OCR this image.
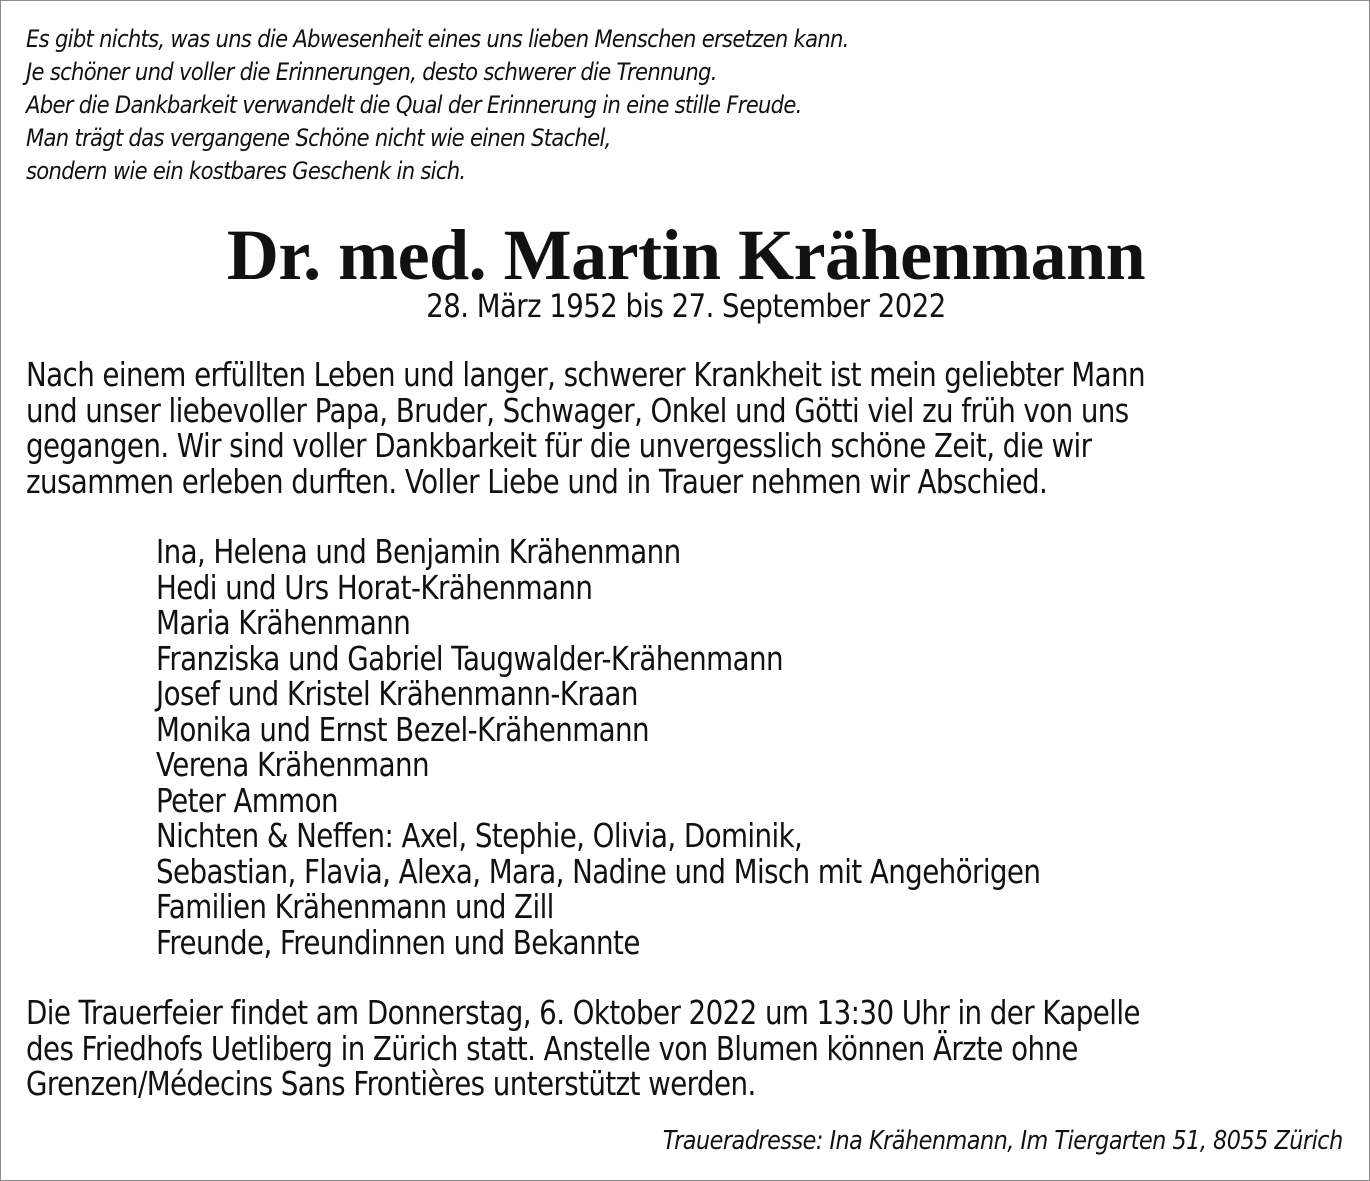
Es gibt nichts, was uns die Abwesenheit eines uns lieben Menschen ersetzen kann.
Je schöner und voller die Erinnerungen, desto schwerer die Trennung.
Aber die Dankbarkeit verwandelt die Qual der Erinnerung in eine stille Freude.
Man trägt das vergangene Schöne nicht wie einen Stachel,
sondern wie ein kostbares Geschenk in sich.
Dr. med. Martin Krähenmann
28. März 1952 bis 27. September 2022
Nach einem erfüllten Leben und langer, schwerer Krankheit ist mein geliebter Mann
und unser liebevoller Papa, Bruder, Schwager, Onkel und Götti viel zu früh von uns
gegangen. Wir sind voller Dankbarkeit für die unvergesslich schöne Zeit, die wir
zusammen erleben durften. Voller Liebe und in Trauer nehmen wir Abschied.
Ina, Helena und Benjamin Krähenmann
Hedi und Urs Horat-Krähenmann
Maria Krähenmann
Franziska und Gabriel Taugwalder-Krähenmann
Josef und Kristel Krähenmann-Kraan
Monika und Ernst Bezel-Krähenmann
Verena Krähenmann
Peter Ammon
Nichten & Neffen: Axel, Stephie, Olivia, Dominik,
Sebastian, Flavia, Alexa, Mara, Nadine und Misch mit Angehörigen
Familien Krähenmann und Zill
Freunde, Freundinnen und Bekannte
Die Trauerfeier findet am Donnerstag, 6. Oktober 2022 um 13:30 Uhr in der Kapelle
des Friedhofs Uetliberg in Zürich statt. Anstelle von Blumen können Ärzte ohne
Grenzen/Médecins Sans Frontières unterstützt werden.
Traueradresse: Ina Krähenmann, Im Tiergarten 51, 8055 Zürich
